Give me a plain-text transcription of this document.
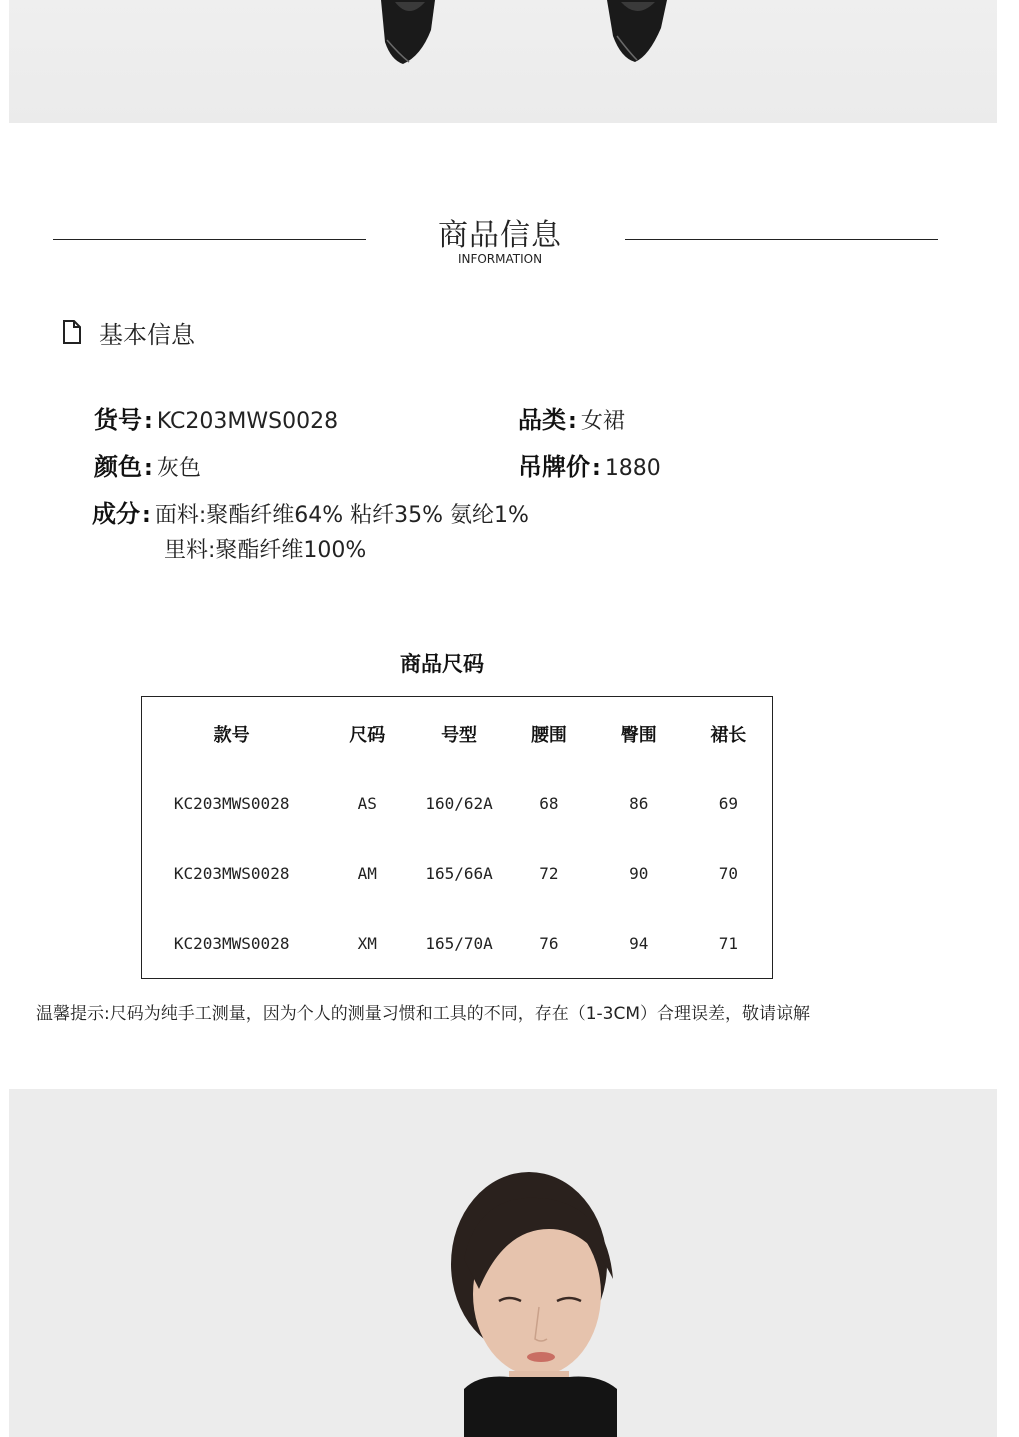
商品信息
INFORMATION
基本信息
货号 : KC203MWS0028	品类 : 女裙
颜色 : 灰色	吊牌价 : 1880
成分 : 面料:聚酯纤维64% 粘纤35% 氨纶1%
里料:聚酯纤维100%
商品尺码
款号	尺码	号型	腰围	臀围	裙长
KC203MWS0028	AS	160/62A	68	86	69
KC203MWS0028	AM	165/66A	72	90	70
KC203MWS0028	XM	165/70A	76	94	71
温馨提示:尺码为纯手工测量，因为个人的测量习惯和工具的不同，存在（1-3CM）合理误差，敬请谅解
